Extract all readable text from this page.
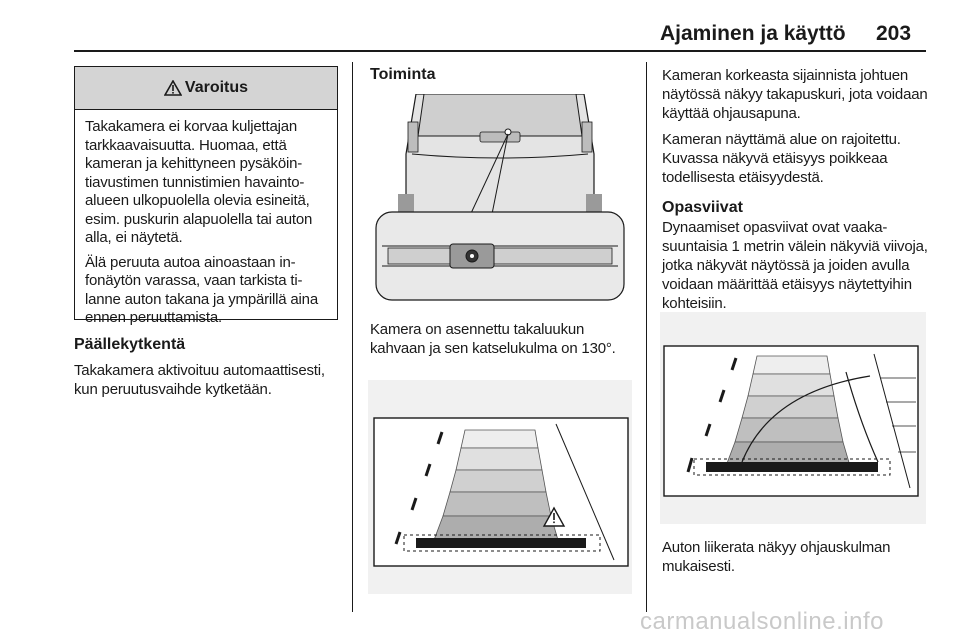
Ajaminen ja käyttö 203
Varoitus

Takakamera ei korvaa kuljettajan tarkkaavaisuutta. Huomaa, että kameran ja kehittyneen pysäköintiavustimen tunnistimien havaintoalueen ulkopuolella olevia esineitä, esim. puskurin alapuolella tai auton alla, ei näytetä.

Älä peruuta autoa ainoastaan infonäytön varassa, vaan tarkista tilanne auton takana ja ympärillä aina ennen peruuttamista.

Päällekytkentä

Takakamera aktivoituu automaattisesti, kun peruutusvaihde kytketään.

Toiminta

Kamera on asennettu takaluukun kahvaan ja sen katselukulma on 130°.

Kameran korkeasta sijainnista johtuen näytössä näkyy takapuskuri, jota voidaan käyttää ohjausapuna.

Kameran näyttämä alue on rajoitettu. Kuvassa näkyvä etäisyys poikkeaa todellisesta etäisyydestä.

Opasviivat

Dynaamiset opasviivat ovat vaakasuuntaisia 1 metrin välein näkyviä viivoja, jotka näkyvät näytössä ja joiden avulla voidaan määrittää etäisyys näytettyihin kohteisiin.

Auton liikerata näkyy ohjauskulman mukaisesti.

carmanualsonline.info
